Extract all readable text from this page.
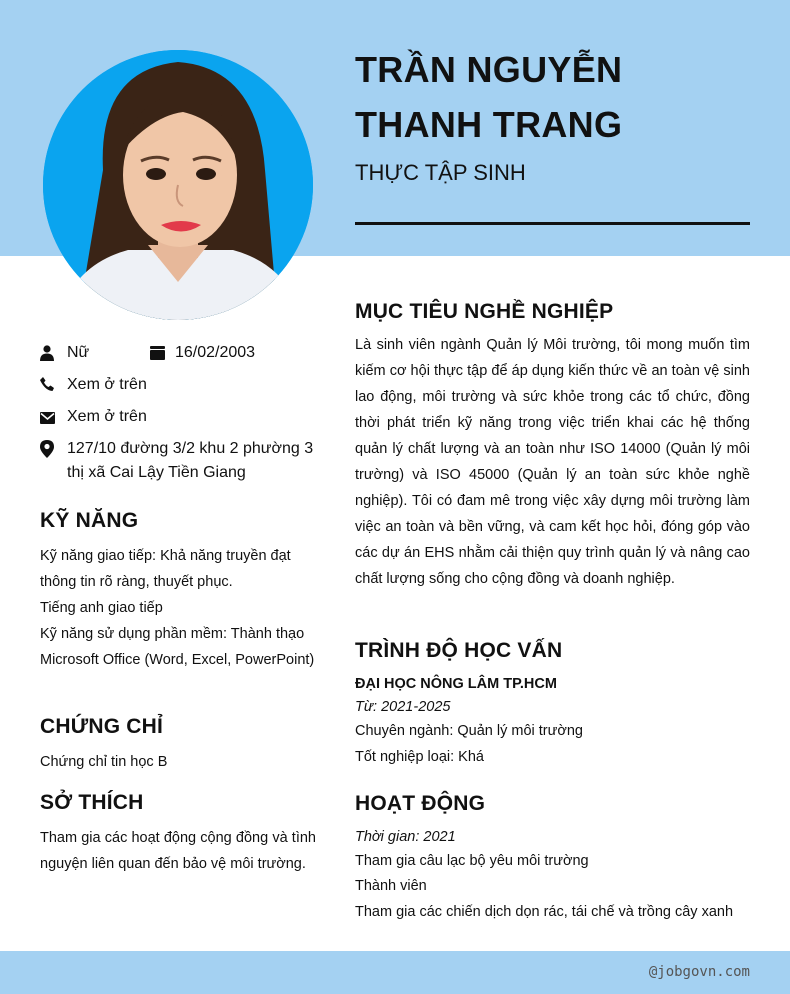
TRẦN NGUYỄN THANH TRANG
THỰC TẬP SINH
Nữ	16/02/2003
Xem ở trên
Xem ở trên
127/10 đường 3/2 khu 2 phường 3 thị xã Cai Lậy Tiền Giang
KỸ NĂNG
Kỹ năng giao tiếp: Khả năng truyền đạt thông tin rõ ràng, thuyết phục.
Tiếng anh giao tiếp
Kỹ năng sử dụng phần mềm: Thành thạo Microsoft Office (Word, Excel, PowerPoint)
CHỨNG CHỈ
Chứng chỉ tin học B
SỞ THÍCH
Tham gia các hoạt động cộng đồng và tình nguyện liên quan đến bảo vệ môi trường.
MỤC TIÊU NGHỀ NGHIỆP
Là sinh viên ngành Quản lý Môi trường, tôi mong muốn tìm kiếm cơ hội thực tập để áp dụng kiến thức về an toàn vệ sinh lao động, môi trường và sức khỏe trong các tổ chức, đồng thời phát triển kỹ năng trong việc triển khai các hệ thống quản lý chất lượng và an toàn như ISO 14000 (Quản lý môi trường) và ISO 45000 (Quản lý an toàn sức khỏe nghề nghiệp). Tôi có đam mê trong việc xây dựng môi trường làm việc an toàn và bền vững, và cam kết học hỏi, đóng góp vào các dự án EHS nhằm cải thiện quy trình quản lý và nâng cao chất lượng sống cho cộng đồng và doanh nghiệp.
TRÌNH ĐỘ HỌC VẤN
ĐẠI HỌC NÔNG LÂM TP.HCM
Từ: 2021-2025
Chuyên ngành: Quản lý môi trường
Tốt nghiệp loại: Khá
HOẠT ĐỘNG
Thời gian: 2021
Tham gia câu lạc bộ yêu môi trường
Thành viên
Tham gia các chiến dịch dọn rác, tái chế và trồng cây xanh
@jobgovn.com
